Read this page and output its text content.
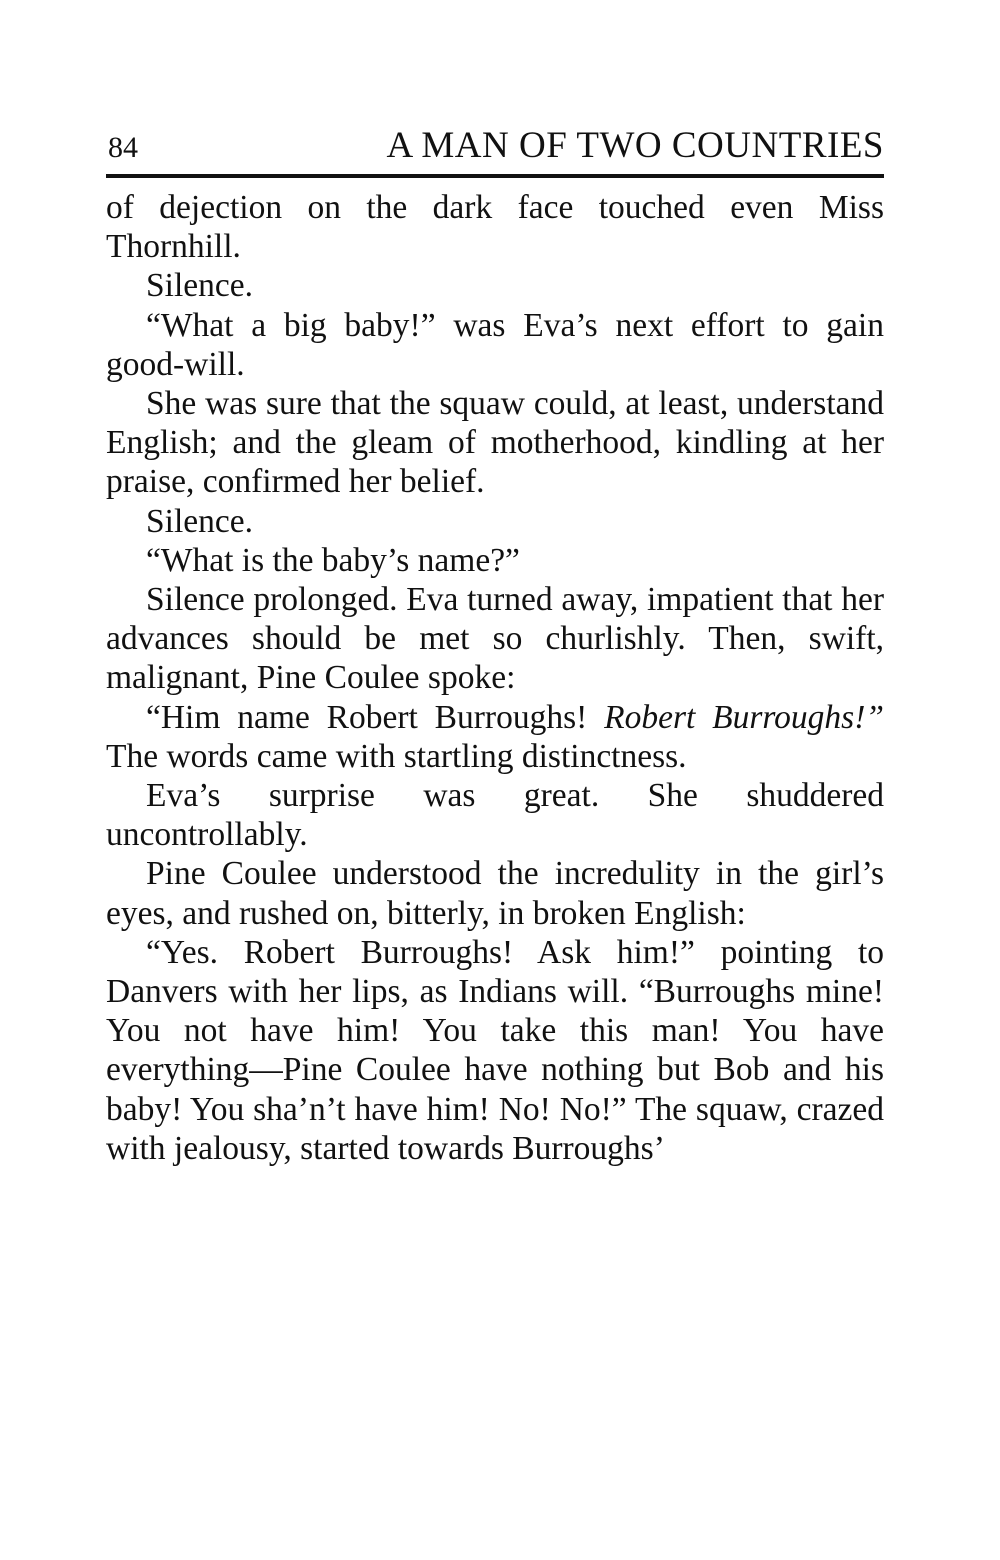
84	A MAN OF TWO COUNTRIES

of dejection on the dark face touched even Miss Thornhill.

Silence.

“What a big baby!” was Eva’s next effort to gain good-will.

She was sure that the squaw could, at least, understand English; and the gleam of motherhood, kindling at her praise, confirmed her belief.

Silence.

“What is the baby’s name?”

Silence prolonged. Eva turned away, impatient that her advances should be met so churlishly. Then, swift, malignant, Pine Coulee spoke:

“Him name Robert Burroughs! Robert Burroughs!” The words came with startling distinctness.

Eva’s surprise was great. She shuddered uncontrollably.

Pine Coulee understood the incredulity in the girl’s eyes, and rushed on, bitterly, in broken English:

“Yes. Robert Burroughs! Ask him!” pointing to Danvers with her lips, as Indians will. “Burroughs mine! You not have him! You take this man! You have everything—Pine Coulee have nothing but Bob and his baby! You sha’n’t have him! No! No!” The squaw, crazed with jealousy, started towards Burroughs’
